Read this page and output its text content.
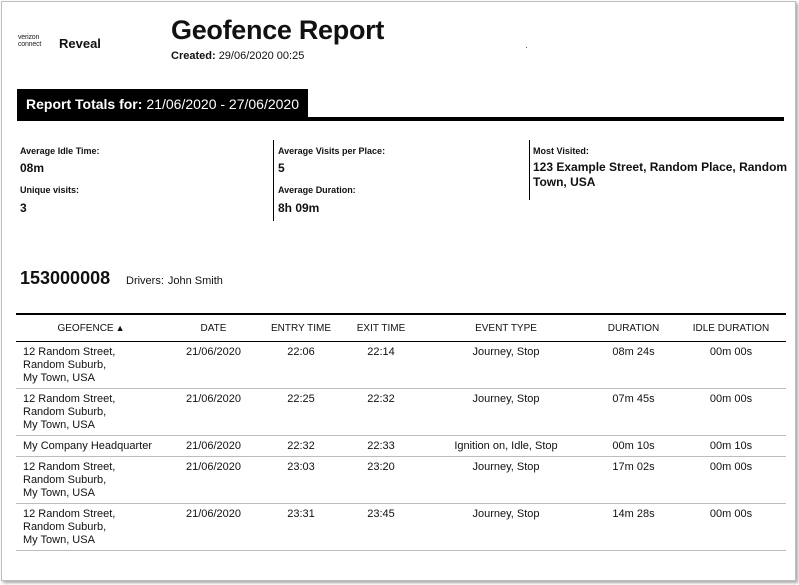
verizon
connect Reveal	Geofence Report
Created: 29/06/2020 00:25
Report Totals for: 21/06/2020 - 27/06/2020
Average Idle Time:
08m
Unique visits:
3
Average Visits per Place:
5
Average Duration:
8h 09m
Most Visited:
123 Example Street, Random Place, Random Town, USA
153000008 Drivers: John Smith
GEOFENCE ▲	DATE	ENTRY TIME	EXIT TIME	EVENT TYPE	DURATION	IDLE DURATION

12 Random Street,
Random Suburb,
My Town, USA	21/06/2020	22:06	22:14	Journey, Stop	08m 24s	00m 00s

12 Random Street,
Random Suburb,
My Town, USA	21/06/2020	22:25	22:32	Journey, Stop	07m 45s	00m 00s

My Company Headquarter	21/06/2020	22:32	22:33	Ignition on, Idle, Stop	00m 10s	00m 10s

12 Random Street,
Random Suburb,
My Town, USA	21/06/2020	23:03	23:20	Journey, Stop	17m 02s	00m 00s

12 Random Street,
Random Suburb,
My Town, USA	21/06/2020	23:31	23:45	Journey, Stop	14m 28s	00m 00s
